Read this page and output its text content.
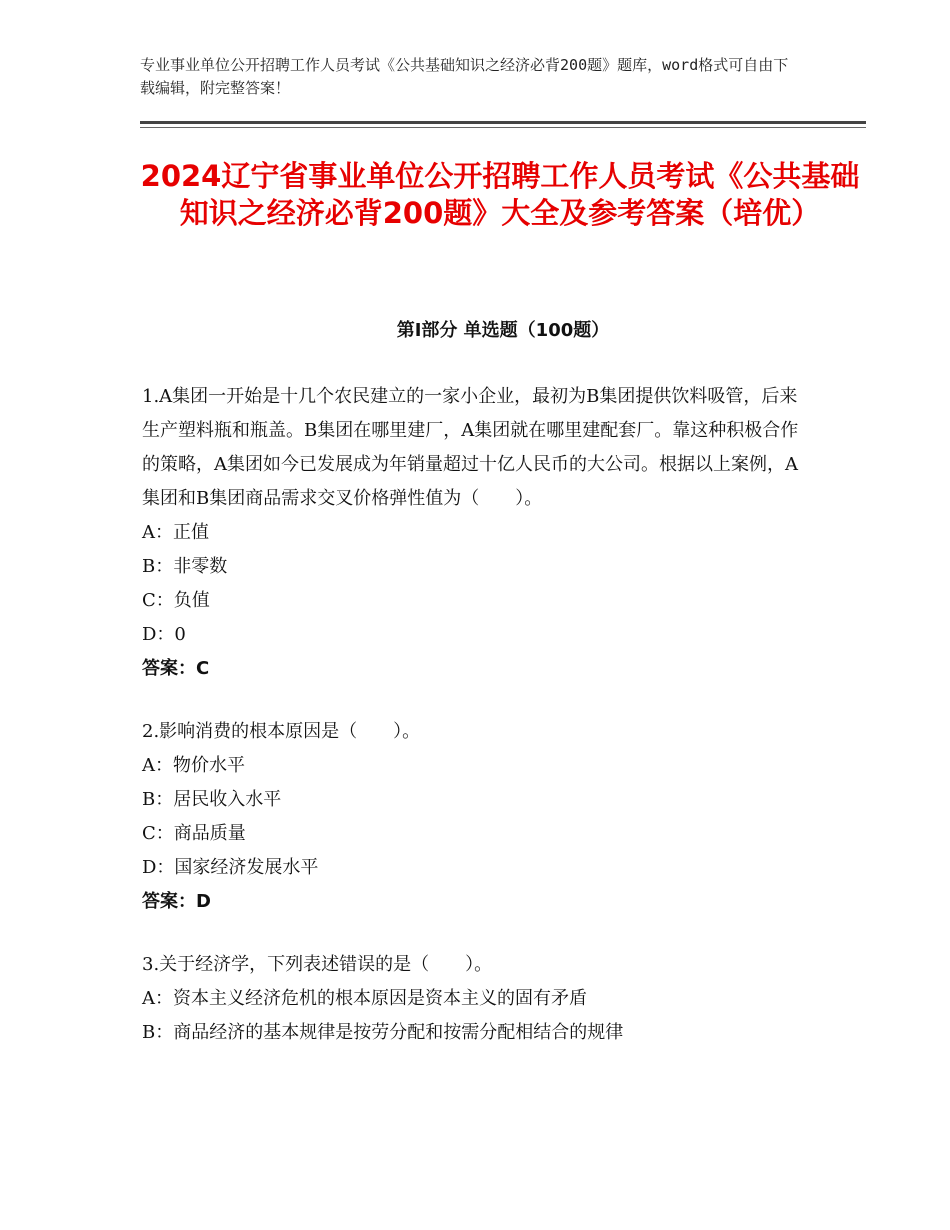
专业事业单位公开招聘工作人员考试《公共基础知识之经济必背200题》题库，word格式可自由下载编辑，附完整答案！
2024辽宁省事业单位公开招聘工作人员考试《公共基础知识之经济必背200题》大全及参考答案（培优）
第Ⅰ部分 单选题（100题）

1.A集团一开始是十几个农民建立的一家小企业，最初为B集团提供饮料吸管，后来生产塑料瓶和瓶盖。B集团在哪里建厂，A集团就在哪里建配套厂。靠这种积极合作的策略，A集团如今已发展成为年销量超过十亿人民币的大公司。根据以上案例，A集团和B集团商品需求交叉价格弹性值为（　　）。

A：正值

B：非零数

C：负值

D：0

答案：C

2.影响消费的根本原因是（　　）。

A：物价水平

B：居民收入水平

C：商品质量

D：国家经济发展水平

答案：D

3.关于经济学，下列表述错误的是（　　）。

A：资本主义经济危机的根本原因是资本主义的固有矛盾

B：商品经济的基本规律是按劳分配和按需分配相结合的规律
